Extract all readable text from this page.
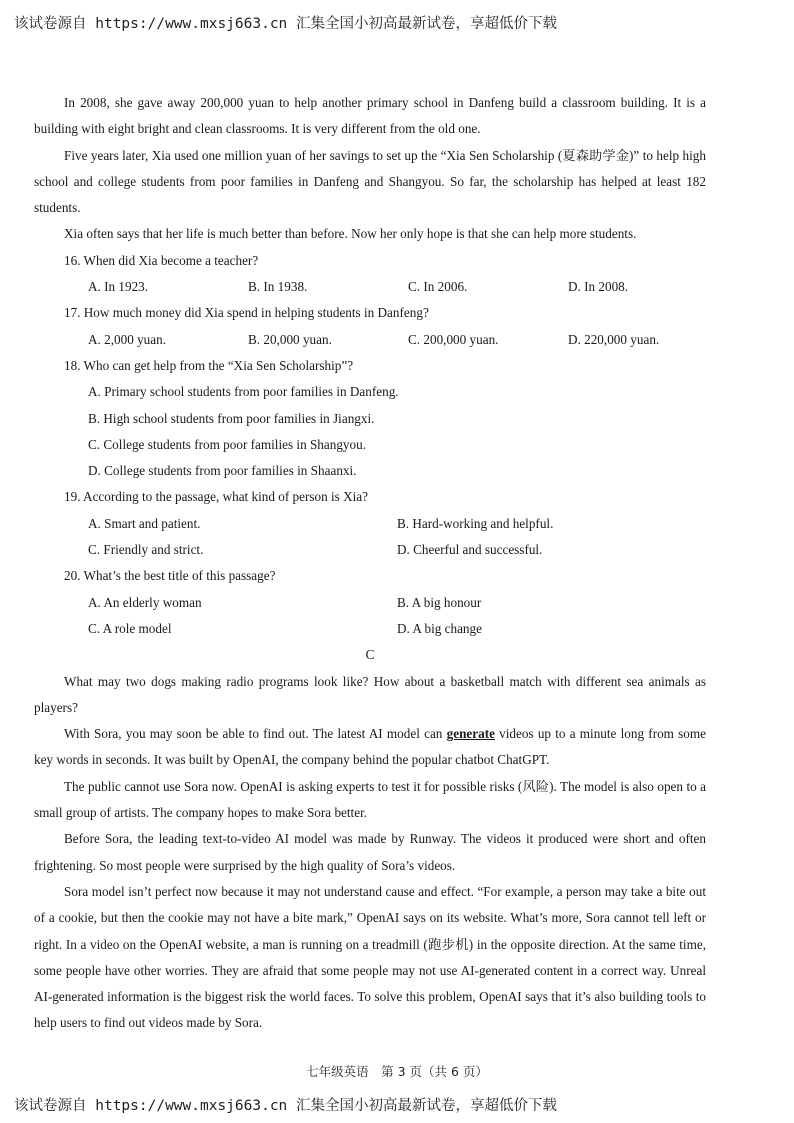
该试卷源自 https://www.mxsj663.cn 汇集全国小初高最新试卷，享超低价下载

In 2008, she gave away 200,000 yuan to help another primary school in Danfeng build a classroom building. It is a building with eight bright and clean classrooms. It is very different from the old one.

Five years later, Xia used one million yuan of her savings to set up the “Xia Sen Scholarship (夏森助学金)” to help high school and college students from poor families in Danfeng and Shangyou. So far, the scholarship has helped at least 182 students.

Xia often says that her life is much better than before. Now her only hope is that she can help more students.

16. When did Xia become a teacher?

A. In 1923.	B. In 1938.	C. In 2006.	D. In 2008.

17. How much money did Xia spend in helping students in Danfeng?

A. 2,000 yuan.	B. 20,000 yuan.	C. 200,000 yuan.	D. 220,000 yuan.

18. Who can get help from the “Xia Sen Scholarship”?

A. Primary school students from poor families in Danfeng.
B. High school students from poor families in Jiangxi.
C. College students from poor families in Shangyou.
D. College students from poor families in Shaanxi.

19. According to the passage, what kind of person is Xia?

A. Smart and patient.	B. Hard-working and helpful.
C. Friendly and strict.	D. Cheerful and successful.

20. What’s the best title of this passage?

A. An elderly woman	B. A big honour
C. A role model	D. A big change

C

What may two dogs making radio programs look like? How about a basketball match with different sea animals as players?

With Sora, you may soon be able to find out. The latest AI model can generate videos up to a minute long from some key words in seconds. It was built by OpenAI, the company behind the popular chatbot ChatGPT.

The public cannot use Sora now. OpenAI is asking experts to test it for possible risks (风险). The model is also open to a small group of artists. The company hopes to make Sora better.

Before Sora, the leading text-to-video AI model was made by Runway. The videos it produced were short and often frightening. So most people were surprised by the high quality of Sora’s videos.

Sora model isn’t perfect now because it may not understand cause and effect. “For example, a person may take a bite out of a cookie, but then the cookie may not have a bite mark,” OpenAI says on its website. What’s more, Sora cannot tell left or right. In a video on the OpenAI website, a man is running on a treadmill (跑步机) in the opposite direction. At the same time, some people have other worries. They are afraid that some people may not use AI-generated content in a correct way. Unreal AI-generated information is the biggest risk the world faces. To solve this problem, OpenAI says that it’s also building tools to help users to find out videos made by Sora.

七年级英语　第 3 页（共 6 页）
该试卷源自 https://www.mxsj663.cn 汇集全国小初高最新试卷，享超低价下载
